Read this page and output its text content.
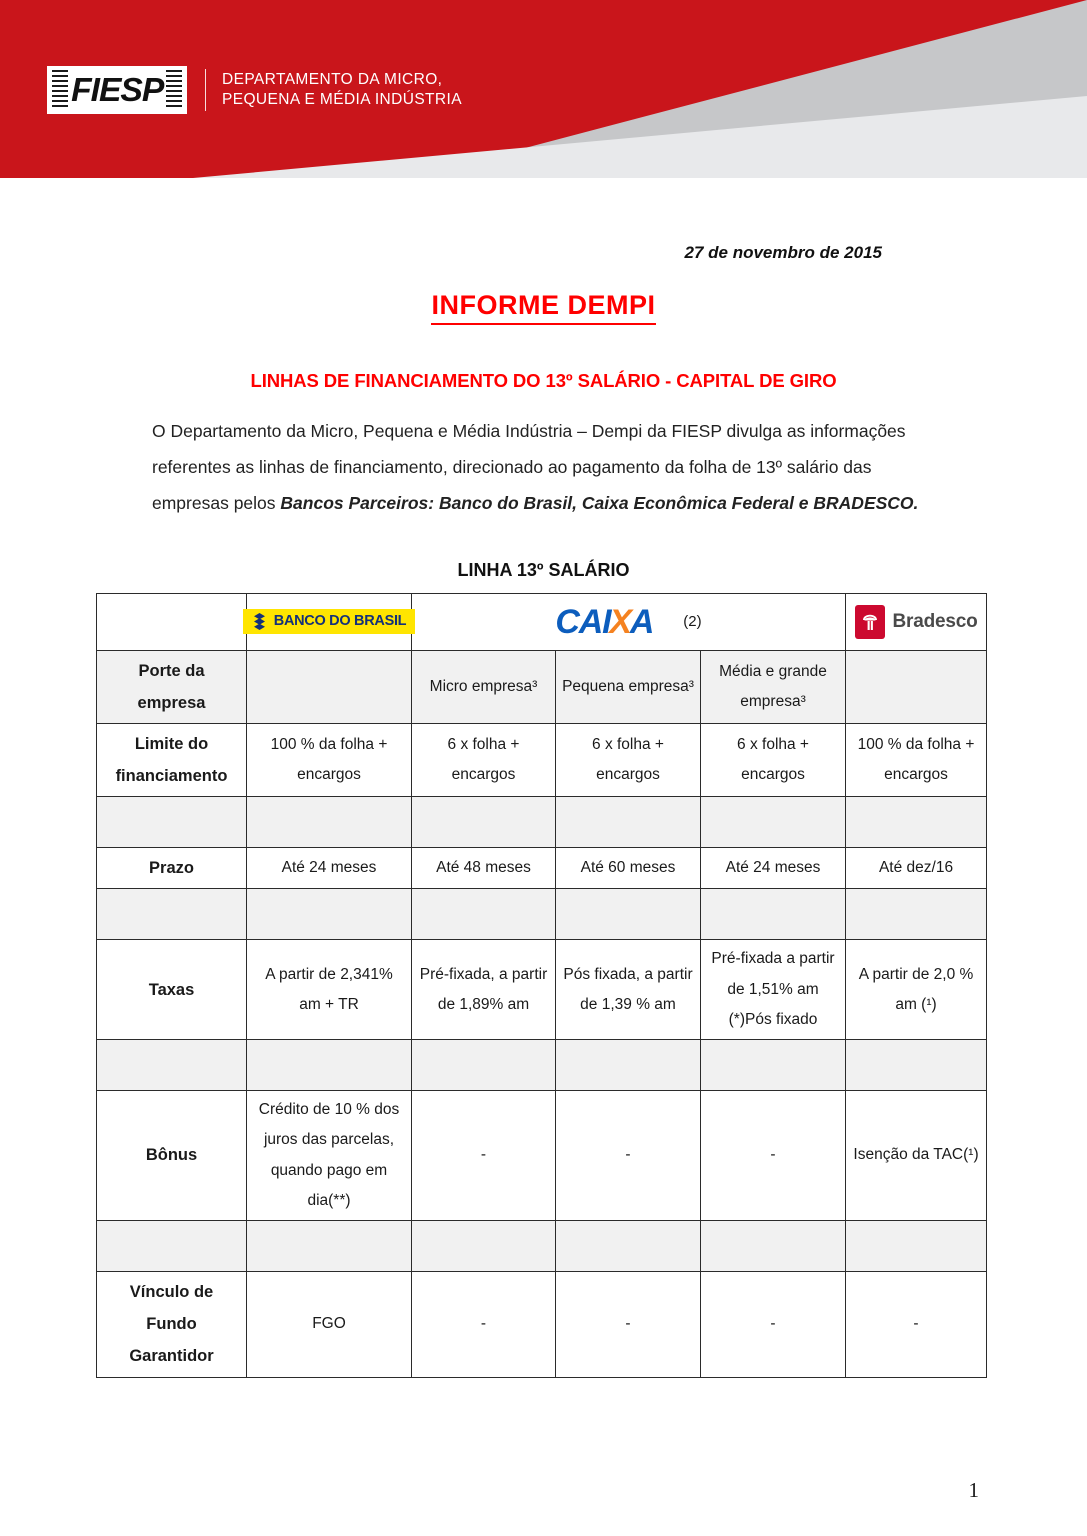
FIESP	DEPARTAMENTO DA MICRO,
PEQUENA E MÉDIA INDÚSTRIA
27 de novembro de 2015
INFORME DEMPI
LINHAS DE FINANCIAMENTO DO 13º SALÁRIO - CAPITAL DE GIRO
O Departamento da Micro, Pequena e Média Indústria – Dempi da FIESP divulga as informações referentes as linhas de financiamento, direcionado ao pagamento da folha de 13º salário das empresas pelos Bancos Parceiros: Banco do Brasil, Caixa Econômica Federal e BRADESCO.
LINHA 13º SALÁRIO

	BANCO DO BRASIL	CAI X A (2)			Bradesco

Porte da empresa		Micro empresa³	Pequena empresa³	Média e grande empresa³	
Limite do financiamento	100 % da folha + encargos	6 x folha + encargos	6 x folha + encargos	6 x folha + encargos	100 % da folha + encargos

Prazo	Até 24 meses	Até 48 meses	Até 60 meses	Até 24 meses	Até dez/16

Taxas	A partir de 2,341% am + TR	Pré-fixada, a partir de 1,89% am	Pós fixada, a partir de 1,39 % am	Pré-fixada a partir de 1,51% am (*)Pós fixado	A partir de 2,0 % am (¹)

Bônus	Crédito de 10 % dos juros das parcelas, quando pago em dia(**)	-	-	-	Isenção da TAC(¹)

Vínculo de Fundo Garantidor	FGO	-	-	-	-
1
